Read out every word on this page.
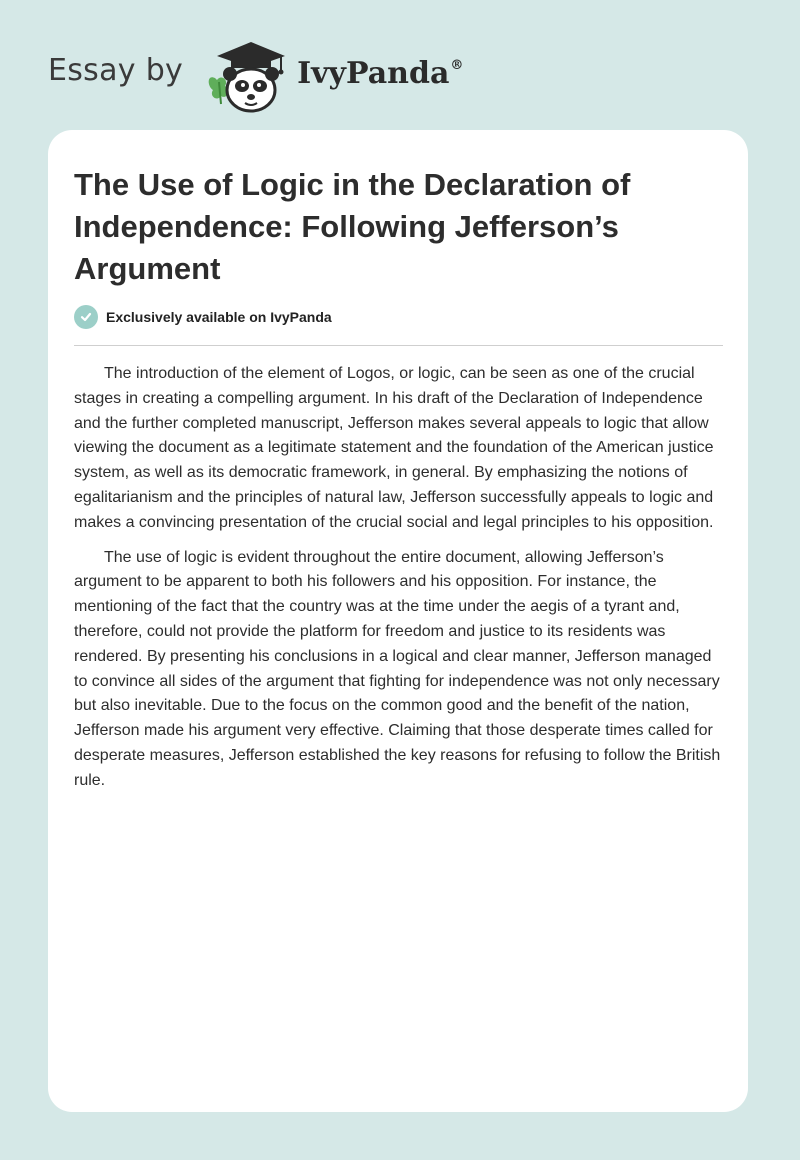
Essay by	IvyPanda®
The Use of Logic in the Declaration of Independence: Following Jefferson’s Argument
Exclusively available on IvyPanda

The introduction of the element of Logos, or logic, can be seen as one of the crucial stages in creating a compelling argument. In his draft of the Declaration of Independence and the further completed manuscript, Jefferson makes several appeals to logic that allow viewing the document as a legitimate statement and the foundation of the American justice system, as well as its democratic framework, in general. By emphasizing the notions of egalitarianism and the principles of natural law, Jefferson successfully appeals to logic and makes a convincing presentation of the crucial social and legal principles to his opposition.

The use of logic is evident throughout the entire document, allowing Jefferson’s argument to be apparent to both his followers and his opposition. For instance, the mentioning of the fact that the country was at the time under the aegis of a tyrant and, therefore, could not provide the platform for freedom and justice to its residents was rendered. By presenting his conclusions in a logical and clear manner, Jefferson managed to convince all sides of the argument that fighting for independence was not only necessary but also inevitable. Due to the focus on the common good and the benefit of the nation, Jefferson made his argument very effective. Claiming that those desperate times called for desperate measures, Jefferson established the key reasons for refusing to follow the British rule.
